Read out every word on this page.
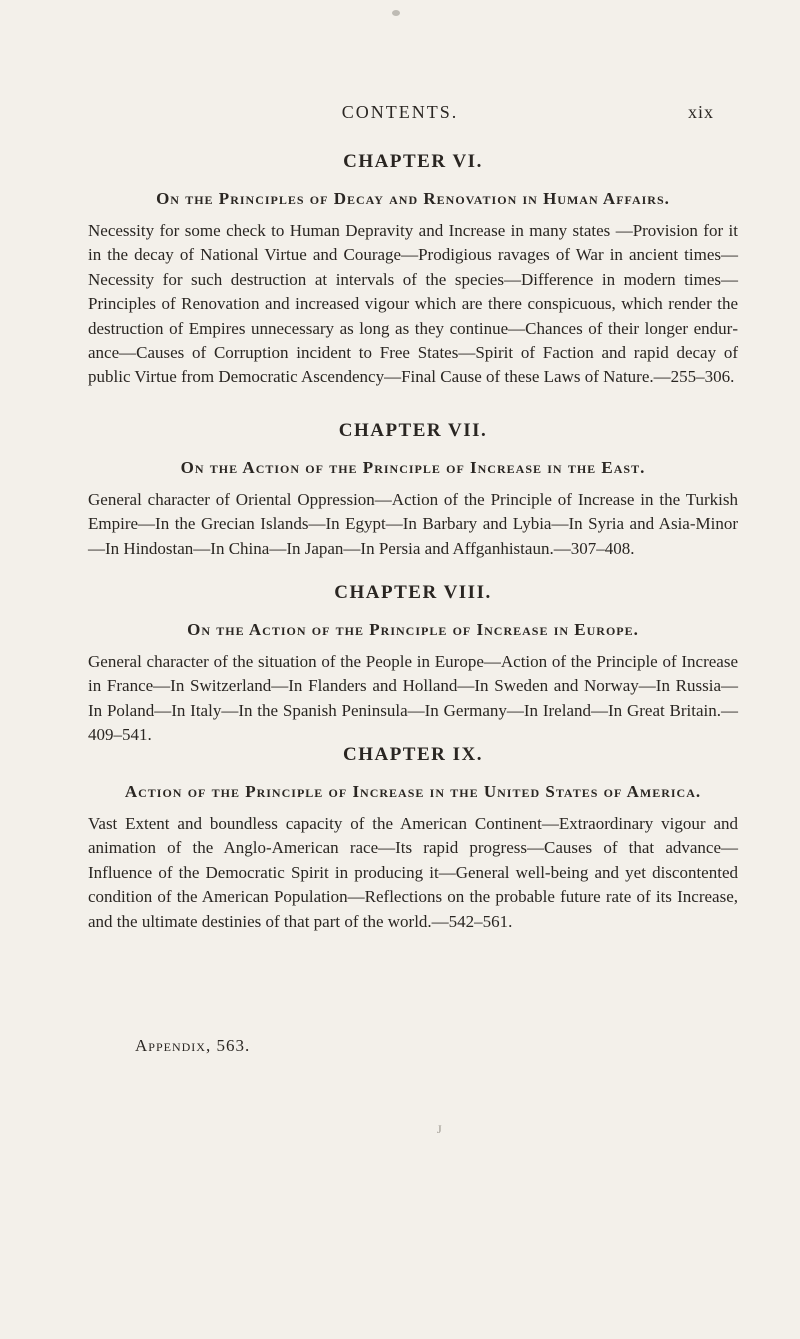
CONTENTS.	xix
CHAPTER VI.
On the Principles of Decay and Renovation in Human Affairs.

Necessity for some check to Human Depravity and Increase in many states —Provision for it in the decay of National Virtue and Courage—Prodigious ravages of War in ancient times—Necessity for such destruction at intervals of the species—Difference in modern times—Principles of Renovation and increased vigour which are there conspicuous, which render the destruction of Empires unnecessary as long as they continue—Chances of their longer endurance—Causes of Corruption incident to Free States—Spirit of Faction and rapid decay of public Virtue from Democratic Ascendency—Final Cause of these Laws of Nature.—255–306.

CHAPTER VII.
On the Action of the Principle of Increase in the East.

General character of Oriental Oppression—Action of the Principle of Increase in the Turkish Empire—In the Grecian Islands—In Egypt—In Barbary and Lybia—In Syria and Asia-Minor—In Hindostan—In China—In Japan—In Persia and Affganhistaun.—307–408.

CHAPTER VIII.
On the Action of the Principle of Increase in Europe.

General character of the situation of the People in Europe—Action of the Principle of Increase in France—In Switzerland—In Flanders and Holland—In Sweden and Norway—In Russia—In Poland—In Italy—In the Spanish Peninsula—In Germany—In Ireland—In Great Britain.—409–541.

CHAPTER IX.
Action of the Principle of Increase in the United States of America.

Vast Extent and boundless capacity of the American Continent—Extraordinary vigour and animation of the Anglo-American race—Its rapid progress—Causes of that advance—Influence of the Democratic Spirit in producing it—General well-being and yet discontented condition of the American Population—Reflections on the probable future rate of its Increase, and the ultimate destinies of that part of the world.—542–561.

Appendix, 563.
J
